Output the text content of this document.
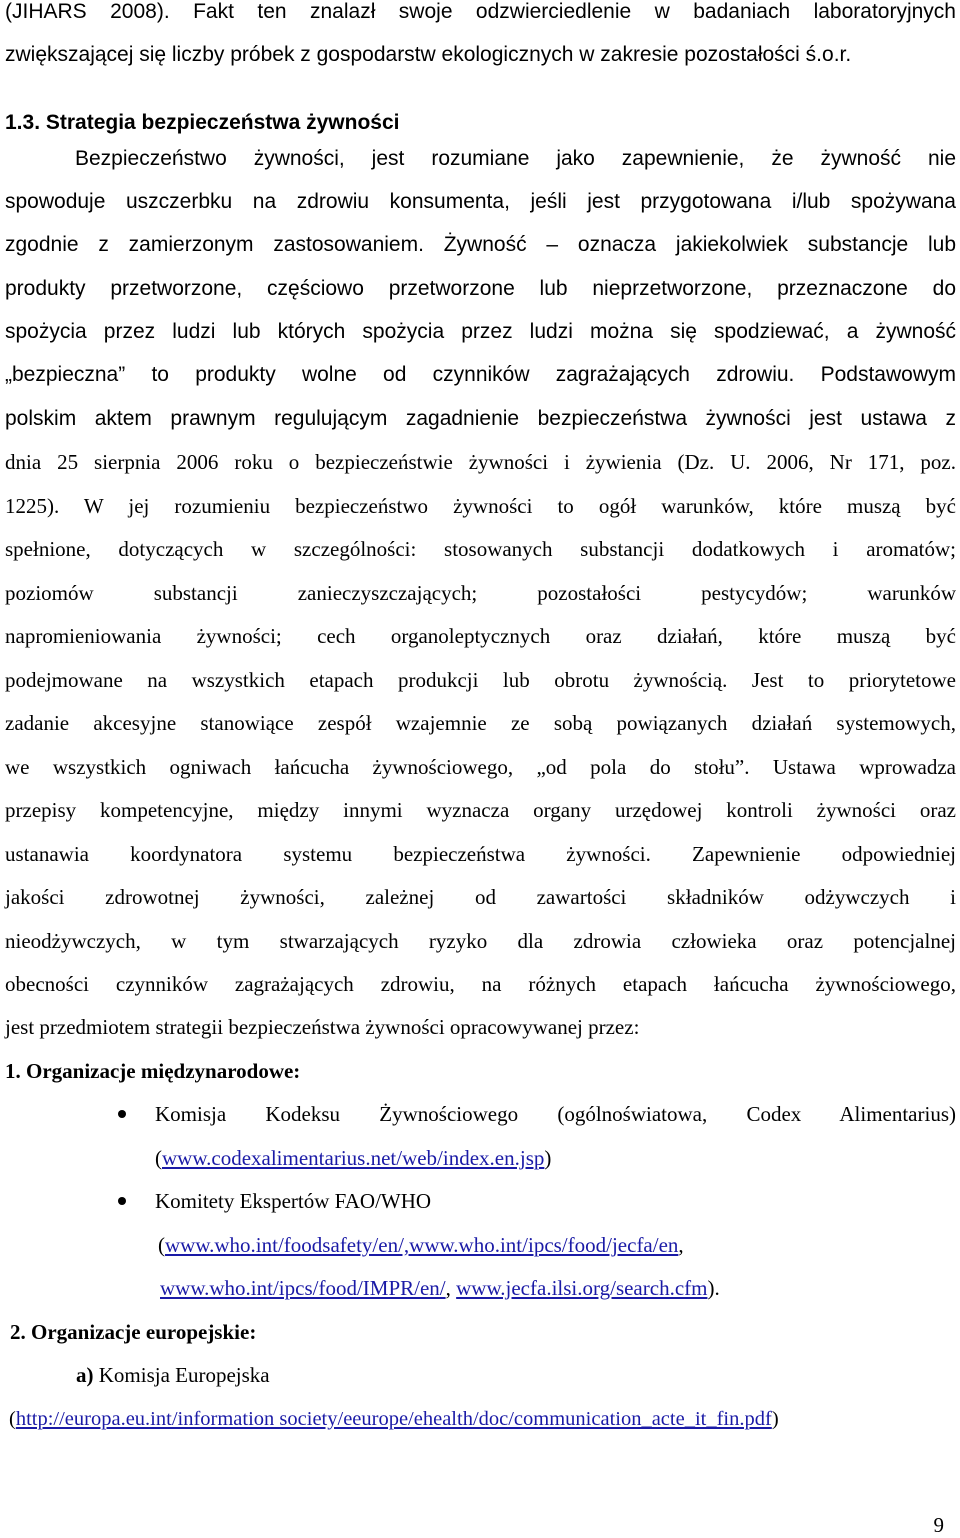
(JIHARS 2008). Fakt ten znalazł swoje odzwierciedlenie w badaniach laboratoryjnych
zwiększającej się liczby próbek z gospodarstw ekologicznych w zakresie pozostałości ś.o.r.
1.3. Strategia bezpieczeństwa żywności
Bezpieczeństwo żywności, jest rozumiane jako zapewnienie, że żywność nie
spowoduje uszczerbku na zdrowiu konsumenta, jeśli jest przygotowana i/lub spożywana
zgodnie z zamierzonym zastosowaniem. Żywność – oznacza jakiekolwiek substancje lub
produkty przetworzone, częściowo przetworzone lub nieprzetworzone, przeznaczone do
spożycia przez ludzi lub których spożycia przez ludzi można się spodziewać, a żywność
„bezpieczna” to produkty wolne od czynników zagrażających zdrowiu. Podstawowym
polskim aktem prawnym regulującym zagadnienie bezpieczeństwa żywności jest ustawa z
dnia 25 sierpnia 2006 roku o bezpieczeństwie żywności i żywienia (Dz. U. 2006, Nr 171, poz.
1225). W jej rozumieniu bezpieczeństwo żywności to ogół warunków, które muszą być
spełnione, dotyczących w szczególności: stosowanych substancji dodatkowych i aromatów;
poziomów substancji zanieczyszczających; pozostałości pestycydów; warunków
napromieniowania żywności; cech organoleptycznych oraz działań, które muszą być
podejmowane na wszystkich etapach produkcji lub obrotu żywnością. Jest to priorytetowe
zadanie akcesyjne stanowiące zespół wzajemnie ze sobą powiązanych działań systemowych,
we wszystkich ogniwach łańcucha żywnościowego, „od pola do stołu”. Ustawa wprowadza
przepisy kompetencyjne, między innymi wyznacza organy urzędowej kontroli żywności oraz
ustanawia koordynatora systemu bezpieczeństwa żywności. Zapewnienie odpowiedniej
jakości zdrowotnej żywności, zależnej od zawartości składników odżywczych i
nieodżywczych, w tym stwarzających ryzyko dla zdrowia człowieka oraz potencjalnej
obecności czynników zagrażających zdrowiu, na różnych etapach łańcucha żywnościowego,
jest przedmiotem strategii bezpieczeństwa żywności opracowywanej przez:
1. Organizacje międzynarodowe:
Komisja Kodeksu Żywnościowego (ogólnoświatowa, Codex Alimentarius)
(www.codexalimentarius.net/web/index.en.jsp)
Komitety Ekspertów FAO/WHO
(www.who.int/foodsafety/en/,www.who.int/ipcs/food/jecfa/en,
www.who.int/ipcs/food/IMPR/en/, www.jecfa.ilsi.org/search.cfm).
2. Organizacje europejskie:
a) Komisja Europejska
(http://europa.eu.int/information society/eeurope/ehealth/doc/communication_acte_it_fin.pdf)
9
